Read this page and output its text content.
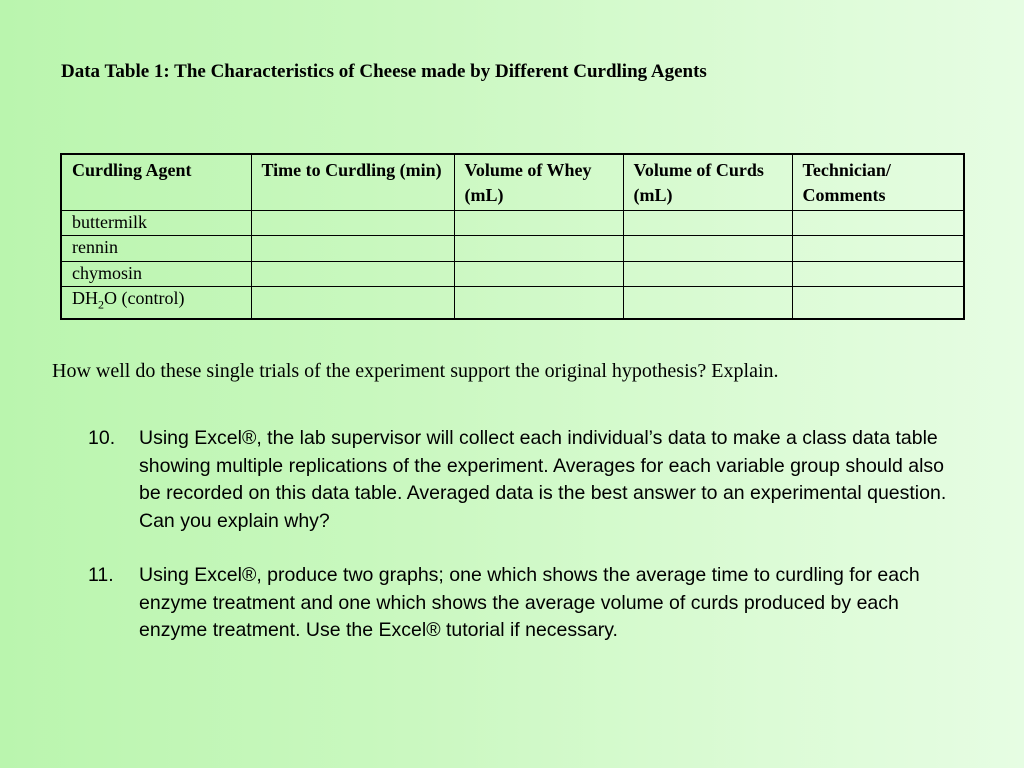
Data Table 1: The Characteristics of Cheese made by Different Curdling Agents
Curdling Agent	Time to Curdling (min)	Volume of Whey (mL)	Volume of Curds (mL)	Technician/ Comments
buttermilk				
rennin				
chymosin				
$DH_2O$ (control)				
How well do these single trials of the experiment support the original hypothesis? Explain.
10. Using Excel®, the lab supervisor will collect each individual’s data to make a class data table showing multiple replications of the experiment. Averages for each variable group should also be recorded on this data table. Averaged data is the best answer to an experimental question. Can you explain why?
11. Using Excel®, produce two graphs; one which shows the average time to curdling for each enzyme treatment and one which shows the average volume of curds produced by each enzyme treatment. Use the Excel® tutorial if necessary.
